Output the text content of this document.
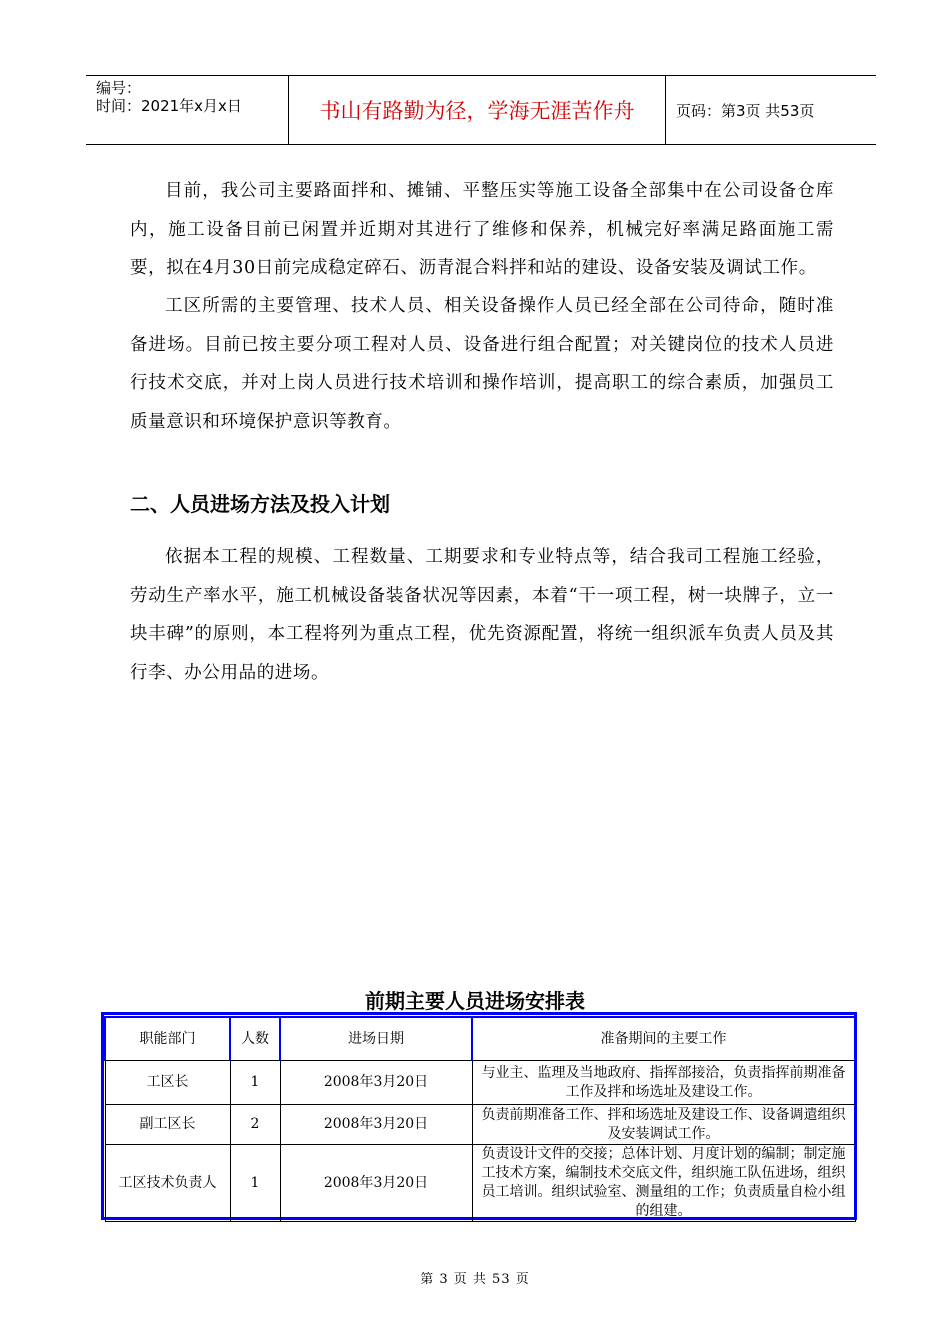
编号：
时间：2021年x月x日	书山有路勤为径，学海无涯苦作舟	页码：第3页 共53页
目前，我公司主要路面拌和、摊铺、平整压实等施工设备全部集中在公司设备仓库内，施工设备目前已闲置并近期对其进行了维修和保养，机械完好率满足路面施工需要，拟在4月30日前完成稳定碎石、沥青混合料拌和站的建设、设备安装及调试工作。
工区所需的主要管理、技术人员、相关设备操作人员已经全部在公司待命，随时准备进场。目前已按主要分项工程对人员、设备进行组合配置；对关键岗位的技术人员进行技术交底，并对上岗人员进行技术培训和操作培训，提高职工的综合素质，加强员工质量意识和环境保护意识等教育。
二、人员进场方法及投入计划
依据本工程的规模、工程数量、工期要求和专业特点等，结合我司工程施工经验，劳动生产率水平，施工机械设备装备状况等因素，本着“干一项工程，树一块牌子，立一块丰碑”的原则，本工程将列为重点工程，优先资源配置，将统一组织派车负责人员及其行李、办公用品的进场。
前期主要人员进场安排表
职能部门	人数	进场日期	准备期间的主要工作
工区长	1	2008年3月20日	与业主、监理及当地政府、指挥部接洽，负责指挥前期准备工作及拌和场选址及建设工作。
副工区长	2	2008年3月20日	负责前期准备工作、拌和场选址及建设工作、设备调遣组织及安装调试工作。
工区技术负责人	1	2008年3月20日	负责设计文件的交接；总体计划、月度计划的编制；制定施工技术方案，编制技术交底文件，组织施工队伍进场，组织员工培训。组织试验室、测量组的工作；负责质量自检小组的组建。
第 3 页 共 53 页
